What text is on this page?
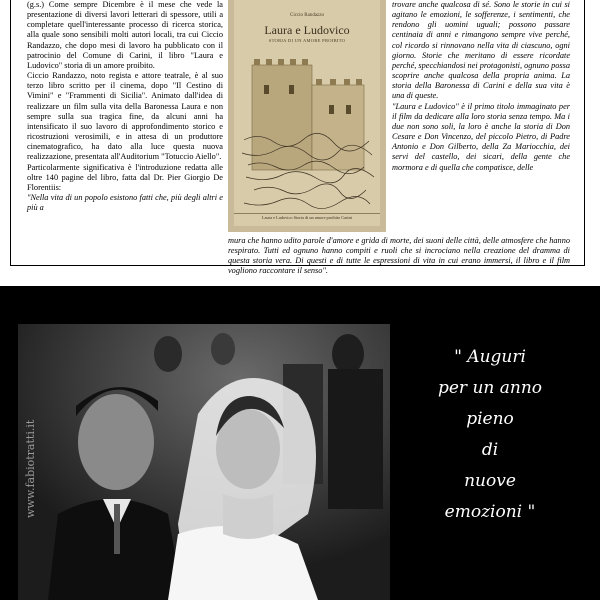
(g.s.) Come sempre Dicembre è il mese che vede la presentazione di diversi lavori letterari di spessore, utili a completare quell'interessante processo di ricerca storica, alla quale sono sensibili molti autori locali, tra cui Ciccio Randazzo, che dopo mesi di lavoro ha pubblicato con il patrocinio del Comune di Carini, il libro "Laura e Ludovico" storia di un amore proibito.

Ciccio Randazzo, noto regista e attore teatrale, è al suo terzo libro scritto per il cinema, dopo "Il Cestino di Vimini" e "Frammenti di Sicilia". Animato dall'idea di realizzare un film sulla vita della Baronessa Laura e non sempre sulla sua tragica fine, da alcuni anni ha intensificato il suo lavoro di approfondimento storico e ricostruzioni verosimili, e in attesa di un produttore cinematografico, ha dato alla luce questa nuova realizzazione, presentata all'Auditorium "Totuccio Aiello".

Particolarmente significativa è l'introduzione redatta alle oltre 140 pagine del libro, fatta dal Dr. Pier Giorgio De Florentiis:

"Nella vita di un popolo esistono fatti che, più degli altri e più a

Ciccio Randazzo
Laura e Ludovico
STORIA DI UN AMORE PROIBITO
Laura e Ludovico Storia di un amore proibito Carini

trovare anche qualcosa di sé. Sono le storie in cui si agitano le emozioni, le sofferenze, i sentimenti, che rendono gli uomini uguali; possono passare centinaia di anni e rimangono sempre vive perché, col ricordo si rinnovano nella vita di ciascuno, ogni giorno. Storie che meritano di essere ricordate perché, specchiandosi nei protagonisti, ognuno possa scoprire anche qualcosa della propria anima. La storia della Baronessa di Carini e della sua vita è una di queste.

"Laura e Ludovico" è il primo titolo immaginato per il film da dedicare alla loro storia senza tempo. Ma i due non sono soli, la loro è anche la storia di Don Cesare e Don Vincenzo, del piccolo Pietro, di Padre Antonio e Don Gilberto, della Za Mariocchia, dei servi del castello, dei sicari, della gente che mormora e di quella che compatisce, delle

mura che hanno udito parole d'amore e grida di morte, dei suoni delle città, delle atmosfere che hanno respirato. Tutti ed ognuno hanno compiti e ruoli che si incrociano nella creazione del dramma di questa storia vera. Di questi e di tutte le espressioni di vita in cui erano immersi, il libro e il film vogliono raccontare il senso".
www.fabiotratti.it
" Auguri
per un anno
pieno
di
nuove
emozioni "
